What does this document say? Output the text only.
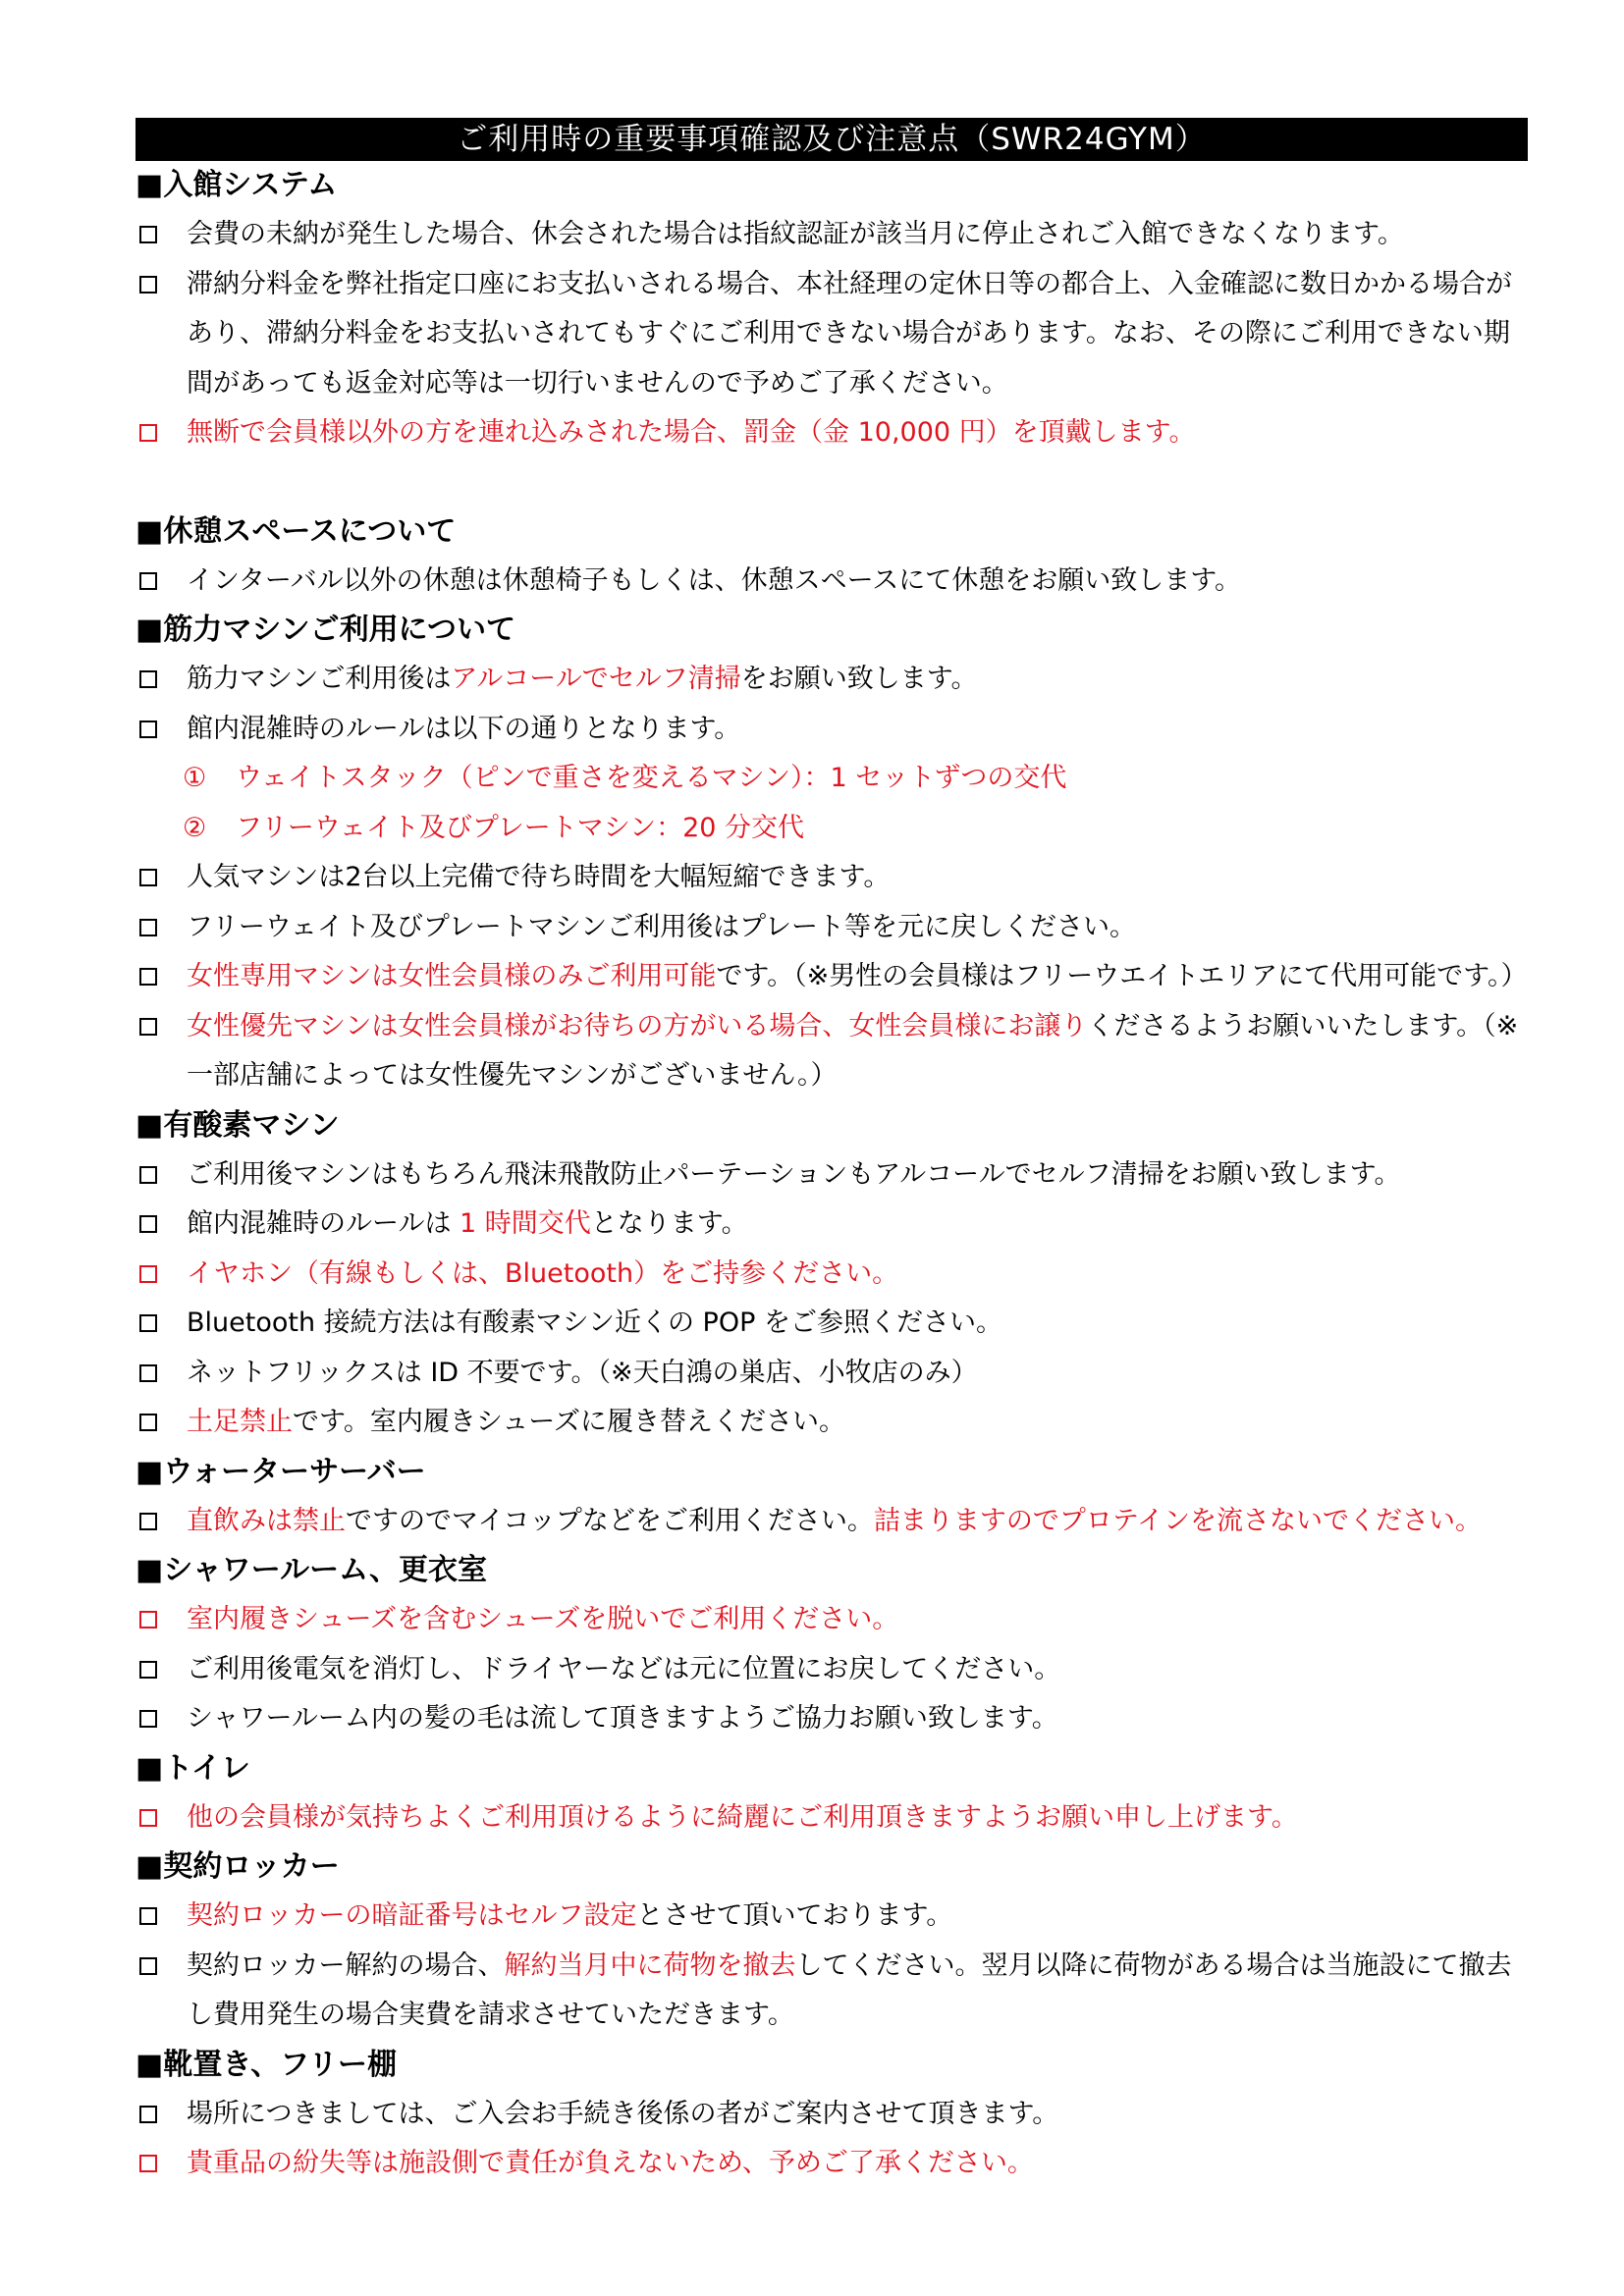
ご利用時の重要事項確認及び注意点（SWR24GYM）
■入館システム
会費の未納が発生した場合、休会された場合は指紋認証が該当月に停止されご入館できなくなります。
滞納分料金を弊社指定口座にお支払いされる場合、本社経理の定休日等の都合上、入金確認に数日かかる場合があり、滞納分料金をお支払いされてもすぐにご利用できない場合があります。なお、その際にご利用できない期間があっても返金対応等は一切行いませんので予めご了承ください。
無断で会員様以外の方を連れ込みされた場合、罰金（金 10,000 円）を頂戴します。
■休憩スペースについて
インターバル以外の休憩は休憩椅子もしくは、休憩スペースにて休憩をお願い致します。
■筋力マシンご利用について
筋力マシンご利用後はアルコールでセルフ清掃をお願い致します。
館内混雑時のルールは以下の通りとなります。
① ウェイトスタック（ピンで重さを変えるマシン）：1 セットずつの交代
② フリーウェイト及びプレートマシン：20 分交代
人気マシンは2台以上完備で待ち時間を大幅短縮できます。
フリーウェイト及びプレートマシンご利用後はプレート等を元に戻しください。
女性専用マシンは女性会員様のみご利用可能です。（※男性の会員様はフリーウエイトエリアにて代用可能です。）
女性優先マシンは女性会員様がお待ちの方がいる場合、女性会員様にお譲りくださるようお願いいたします。（※一部店舗によっては女性優先マシンがございません。）
■有酸素マシン
ご利用後マシンはもちろん飛沫飛散防止パーテーションもアルコールでセルフ清掃をお願い致します。
館内混雑時のルールは 1 時間交代となります。
イヤホン（有線もしくは、Bluetooth）をご持参ください。
Bluetooth 接続方法は有酸素マシン近くの POP をご参照ください。
ネットフリックスは ID 不要です。（※天白鴻の巣店、小牧店のみ）
土足禁止です。室内履きシューズに履き替えください。
■ウォーターサーバー
直飲みは禁止ですのでマイコップなどをご利用ください。詰まりますのでプロテインを流さないでください。
■シャワールーム、更衣室
室内履きシューズを含むシューズを脱いでご利用ください。
ご利用後電気を消灯し、ドライヤーなどは元に位置にお戻してください。
シャワールーム内の髪の毛は流して頂きますようご協力お願い致します。
■トイレ
他の会員様が気持ちよくご利用頂けるように綺麗にご利用頂きますようお願い申し上げます。
■契約ロッカー
契約ロッカーの暗証番号はセルフ設定とさせて頂いております。
契約ロッカー解約の場合、解約当月中に荷物を撤去してください。翌月以降に荷物がある場合は当施設にて撤去し費用発生の場合実費を請求させていただきます。
■靴置き、フリー棚
場所につきましては、ご入会お手続き後係の者がご案内させて頂きます。
貴重品の紛失等は施設側で責任が負えないため、予めご了承ください。
